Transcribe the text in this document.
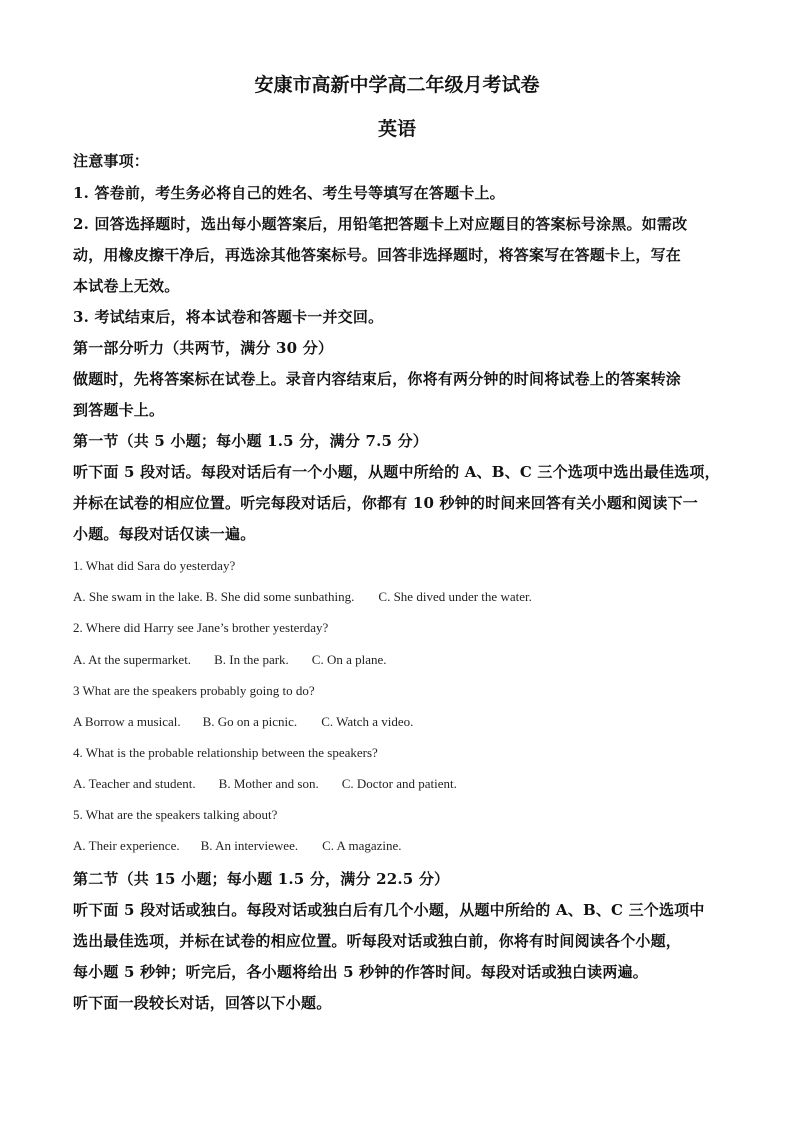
安康市高新中学高二年级月考试卷
英语
注意事项：
1. 答卷前，考生务必将自己的姓名、考生号等填写在答题卡上。
2. 回答选择题时，选出每小题答案后，用铅笔把答题卡上对应题目的答案标号涂黑。如需改
动，用橡皮擦干净后，再选涂其他答案标号。回答非选择题时，将答案写在答题卡上，写在
本试卷上无效。
3. 考试结束后，将本试卷和答题卡一并交回。
第一部分听力（共两节，满分 30 分）
做题时，先将答案标在试卷上。录音内容结束后，你将有两分钟的时间将试卷上的答案转涂
到答题卡上。
第一节（共 5 小题；每小题 1.5 分，满分 7.5 分）
听下面 5 段对话。每段对话后有一个小题，从题中所给的 A、B、C 三个选项中选出最佳选项，
并标在试卷的相应位置。听完每段对话后，你都有 10 秒钟的时间来回答有关小题和阅读下一
小题。每段对话仅读一遍。
1. What did Sara do yesterday?
A. She swam in the lake. B. She did some sunbathing. C. She dived under the water.
2. Where did Harry see Jane’s brother yesterday?
A. At the supermarket. B. In the park. C. On a plane.
3 What are the speakers probably going to do?
A Borrow a musical. B. Go on a picnic. C. Watch a video.
4. What is the probable relationship between the speakers?
A. Teacher and student. B. Mother and son. C. Doctor and patient.
5. What are the speakers talking about?
A. Their experience. B. An interviewee. C. A magazine.
第二节（共 15 小题；每小题 1.5 分，满分 22.5 分）
听下面 5 段对话或独白。每段对话或独白后有几个小题，从题中所给的 A、B、C 三个选项中
选出最佳选项，并标在试卷的相应位置。听每段对话或独白前，你将有时间阅读各个小题，
每小题 5 秒钟；听完后，各小题将给出 5 秒钟的作答时间。每段对话或独白读两遍。
听下面一段较长对话，回答以下小题。
